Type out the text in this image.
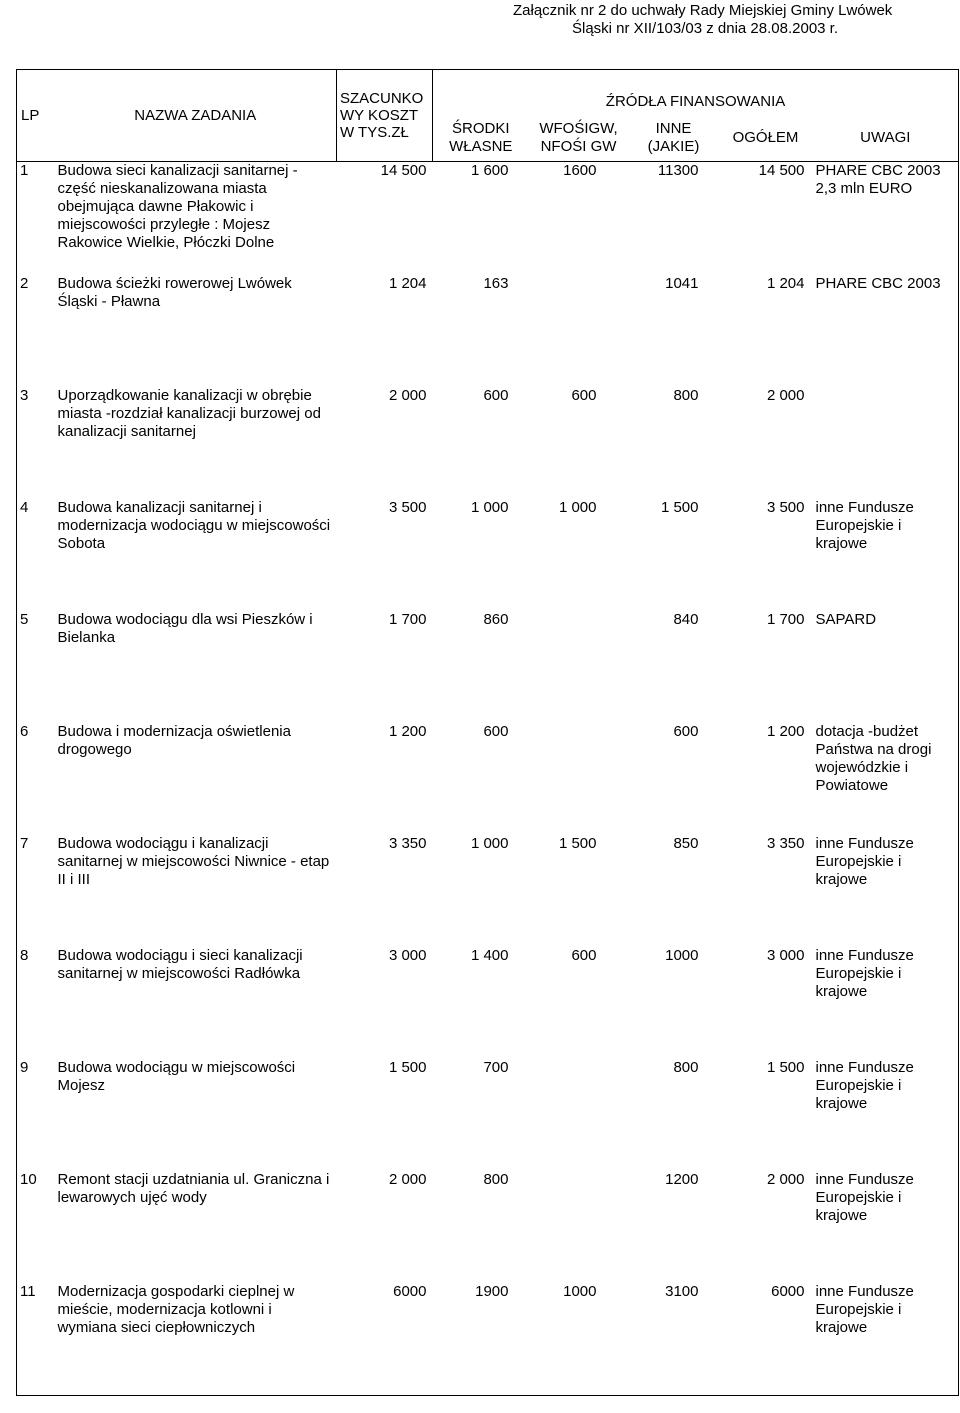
Załącznik nr 2 do uchwały Rady Miejskiej Gminy Lwówek
Śląski nr XII/103/03 z dnia 28.08.2003 r.
LP	NAZWA ZADANIA	SZACUNKO WY KOSZT W TYS.ZŁ	ŹRÓDŁA FINANSOWANIA				
			ŚRODKI WŁASNE	WFOŚIGW, NFOŚI GW	INNE (JAKIE)	OGÓŁEM	UWAGI
1	Budowa sieci kanalizacji sanitarnej - część nieskanalizowana miasta obejmująca dawne Płakowic i miejscowości przyległe : Mojesz Rakowice Wielkie, Płóczki Dolne	14 500	1 600	1600	11300	14 500	PHARE CBC 2003 2,3 mln EURO
2	Budowa ścieżki rowerowej Lwówek Śląski - Pławna	1 204	163		1041	1 204	PHARE CBC 2003
3	Uporządkowanie kanalizacji w obrębie miasta -rozdział kanalizacji burzowej od kanalizacji sanitarnej	2 000	600	600	800	2 000	
4	Budowa kanalizacji sanitarnej i modernizacja wodociągu w miejscowości Sobota	3 500	1 000	1 000	1 500	3 500	inne Fundusze Europejskie i krajowe
5	Budowa wodociągu dla wsi Pieszków i Bielanka	1 700	860		840	1 700	SAPARD
6	Budowa i modernizacja oświetlenia drogowego	1 200	600		600	1 200	dotacja -budżet Państwa na drogi wojewódzkie i Powiatowe
7	Budowa wodociągu i kanalizacji sanitarnej w miejscowości Niwnice - etap II i III	3 350	1 000	1 500	850	3 350	inne Fundusze Europejskie i krajowe
8	Budowa wodociągu i sieci kanalizacji sanitarnej w miejscowości Radłówka	3 000	1 400	600	1000	3 000	inne Fundusze Europejskie i krajowe
9	Budowa wodociągu w miejscowości Mojesz	1 500	700		800	1 500	inne Fundusze Europejskie i krajowe
10	Remont stacji uzdatniania ul. Graniczna i lewarowych ujęć wody	2 000	800		1200	2 000	inne Fundusze Europejskie i krajowe
11	Modernizacja gospodarki cieplnej w mieście, modernizacja kotlowni i wymiana sieci ciepłowniczych	6000	1900	1000	3100	6000	inne Fundusze Europejskie i krajowe
